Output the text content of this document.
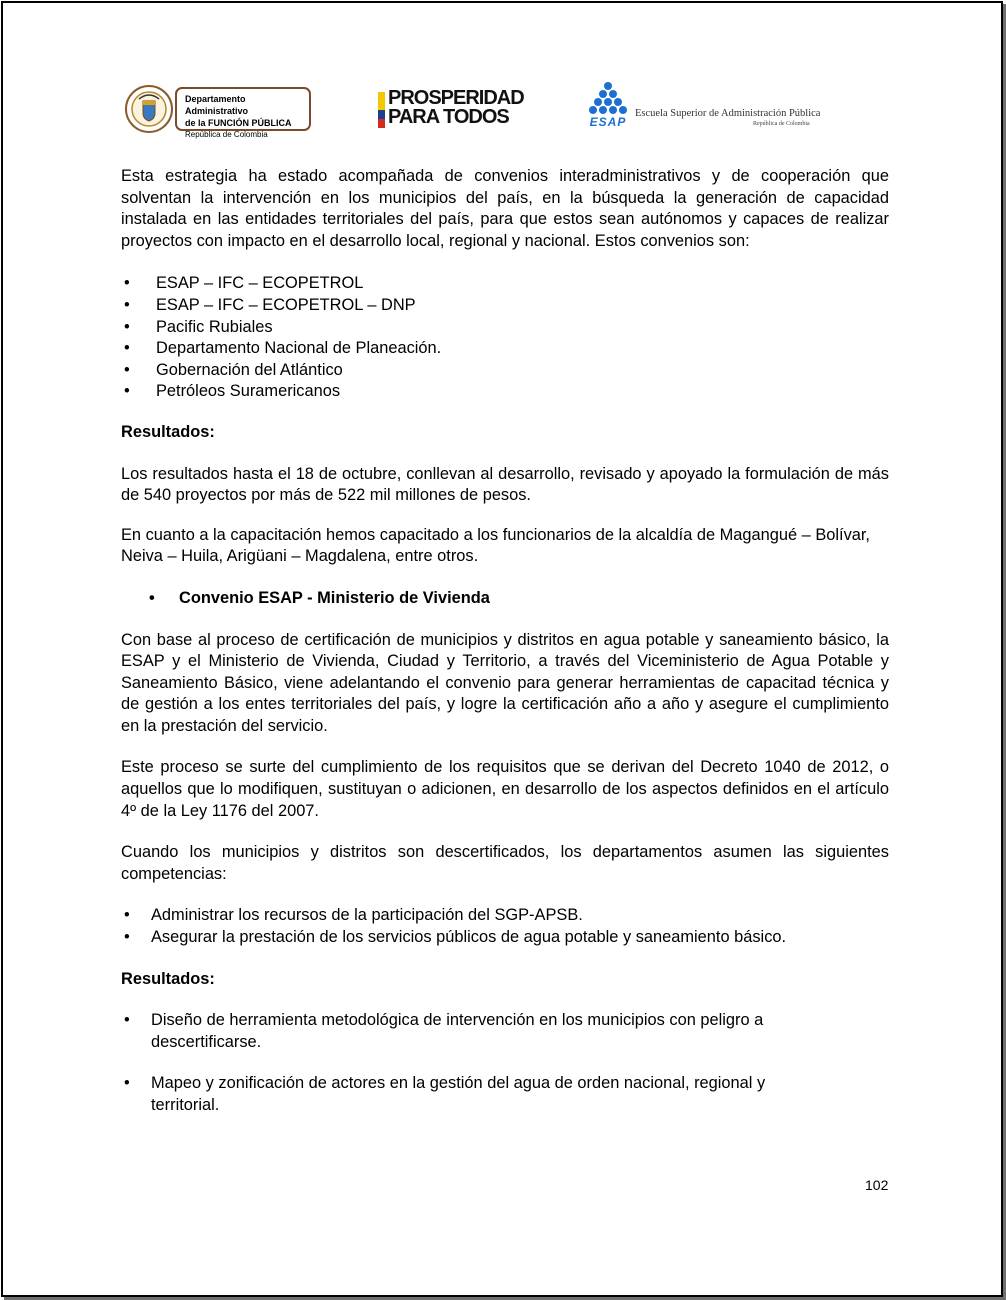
Departamento Administrativo
de la FUNCIÓN PÚBLICA
República de Colombia
PROSPERIDAD
PARA TODOS	ESAP
Escuela Superior de Administración Pública
República de Colombia

Esta estrategia ha estado acompañada de convenios interadministrativos y de cooperación que solventan la intervención en los municipios del país, en la búsqueda la generación de capacidad instalada en las entidades territoriales del país, para que estos sean autónomos y capaces de realizar proyectos con impacto en el desarrollo local, regional y nacional. Estos convenios son:

• ESAP – IFC – ECOPETROL
• ESAP – IFC – ECOPETROL – DNP
• Pacific Rubiales
• Departamento Nacional de Planeación.
• Gobernación del Atlántico
• Petróleos Suramericanos

Resultados:

Los resultados hasta el 18 de octubre, conllevan al desarrollo, revisado y apoyado la formulación de más de 540 proyectos por más de 522 mil millones de pesos.

En cuanto a la capacitación hemos capacitado a los funcionarios de la alcaldía de Magangué – Bolívar, Neiva – Huila, Arigüani – Magdalena, entre otros.

• Convenio ESAP - Ministerio de Vivienda

Con base al proceso de certificación de municipios y distritos en agua potable y saneamiento básico, la ESAP y el Ministerio de Vivienda, Ciudad y Territorio, a través del Viceministerio de Agua Potable y Saneamiento Básico, viene adelantando el convenio para generar herramientas de capacitad técnica y de gestión a los entes territoriales del país, y logre la certificación año a año y asegure el cumplimiento en la prestación del servicio.

Este proceso se surte del cumplimiento de los requisitos que se derivan del Decreto 1040 de 2012, o aquellos que lo modifiquen, sustituyan o adicionen, en desarrollo de los aspectos definidos en el artículo 4º de la Ley 1176 del 2007.

Cuando los municipios y distritos son descertificados, los departamentos asumen las siguientes competencias:

• Administrar los recursos de la participación del SGP-APSB.
• Asegurar la prestación de los servicios públicos de agua potable y saneamiento básico.

Resultados:

• Diseño de herramienta metodológica de intervención en los municipios con peligro a descertificarse.
• Mapeo y zonificación de actores en la gestión del agua de orden nacional, regional y territorial.
102
